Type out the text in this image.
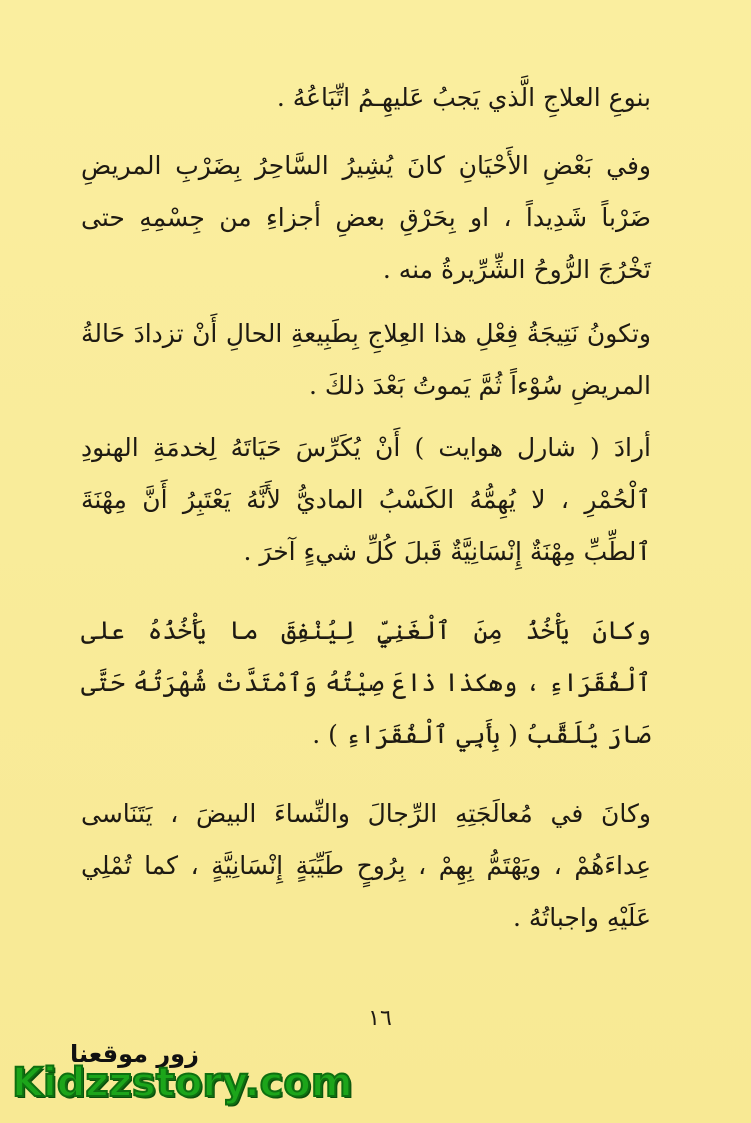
بنوعِ العلاجِ الَّذي يَجبُ عَليهِـمُ اتِّبَاعُهُ .

وفي بَعْضِ الأَحْيَانِ كانَ يُشِيرُ السَّاحِرُ بِضَرْبِ المريضِ ضَرْباً شَدِيداً ، او بِحَرْقِ بعضِ أجزاءِ من جِسْمِهِ حتى تَخْرُجَ الرُّوحُ الشِّرِّيرةُ منه .

وتكونُ نَتِيجَةُ فِعْلِ هذا العِلاجِ بِطَبِيعةِ الحالِ أَنْ تزدادَ حَالةُ المريضِ سُوْءاً ثُمَّ يَموتُ بَعْدَ ذلكَ .

أرادَ ( شارل هوايت ) أَنْ يُكَرِّسَ حَيَاتَهُ لِخدمَةِ الهنودِ ٱلْحُمْرِ ، لا يُهِمُّهُ الكَسْبُ الماديُّ لأَنَّهُ يَعْتَبِرُ أَنَّ مِهْنَةَ ٱلطِّبِّ مِهْنَةٌ إِنْسَانِيَّةٌ قَبلَ كُلِّ شيءٍ آخرَ .

وكانَ يَأْخُذُ مِنَ ٱلْغَنِيِّ لِيُنْفِقَ ما يَأْخُذُهُ على ٱلْفُقَرَاءِ ، وهكذا ذاعَ صِيْتُهُ وَٱمْتَدَّتْ شُهْرَتُهُ حَتَّى صَارَ يُلَقَّبُ ( بِأَبِي ٱلْفُقَرَاءِ ) .

وكانَ في مُعالَجَتِهِ الرِّجالَ والنِّساءَ البيضَ ، يَتَنَاسى عِداءَهُمْ ، ويَهْتَمُّ بِهِمْ ، بِرُوحٍ طَيِّبَةٍ إِنْسَانِيَّةٍ ، كما تُمْلِي عَلَيْهِ واجباتُهُ .

١٦
زور موقعنا
Kidzzstory.com
